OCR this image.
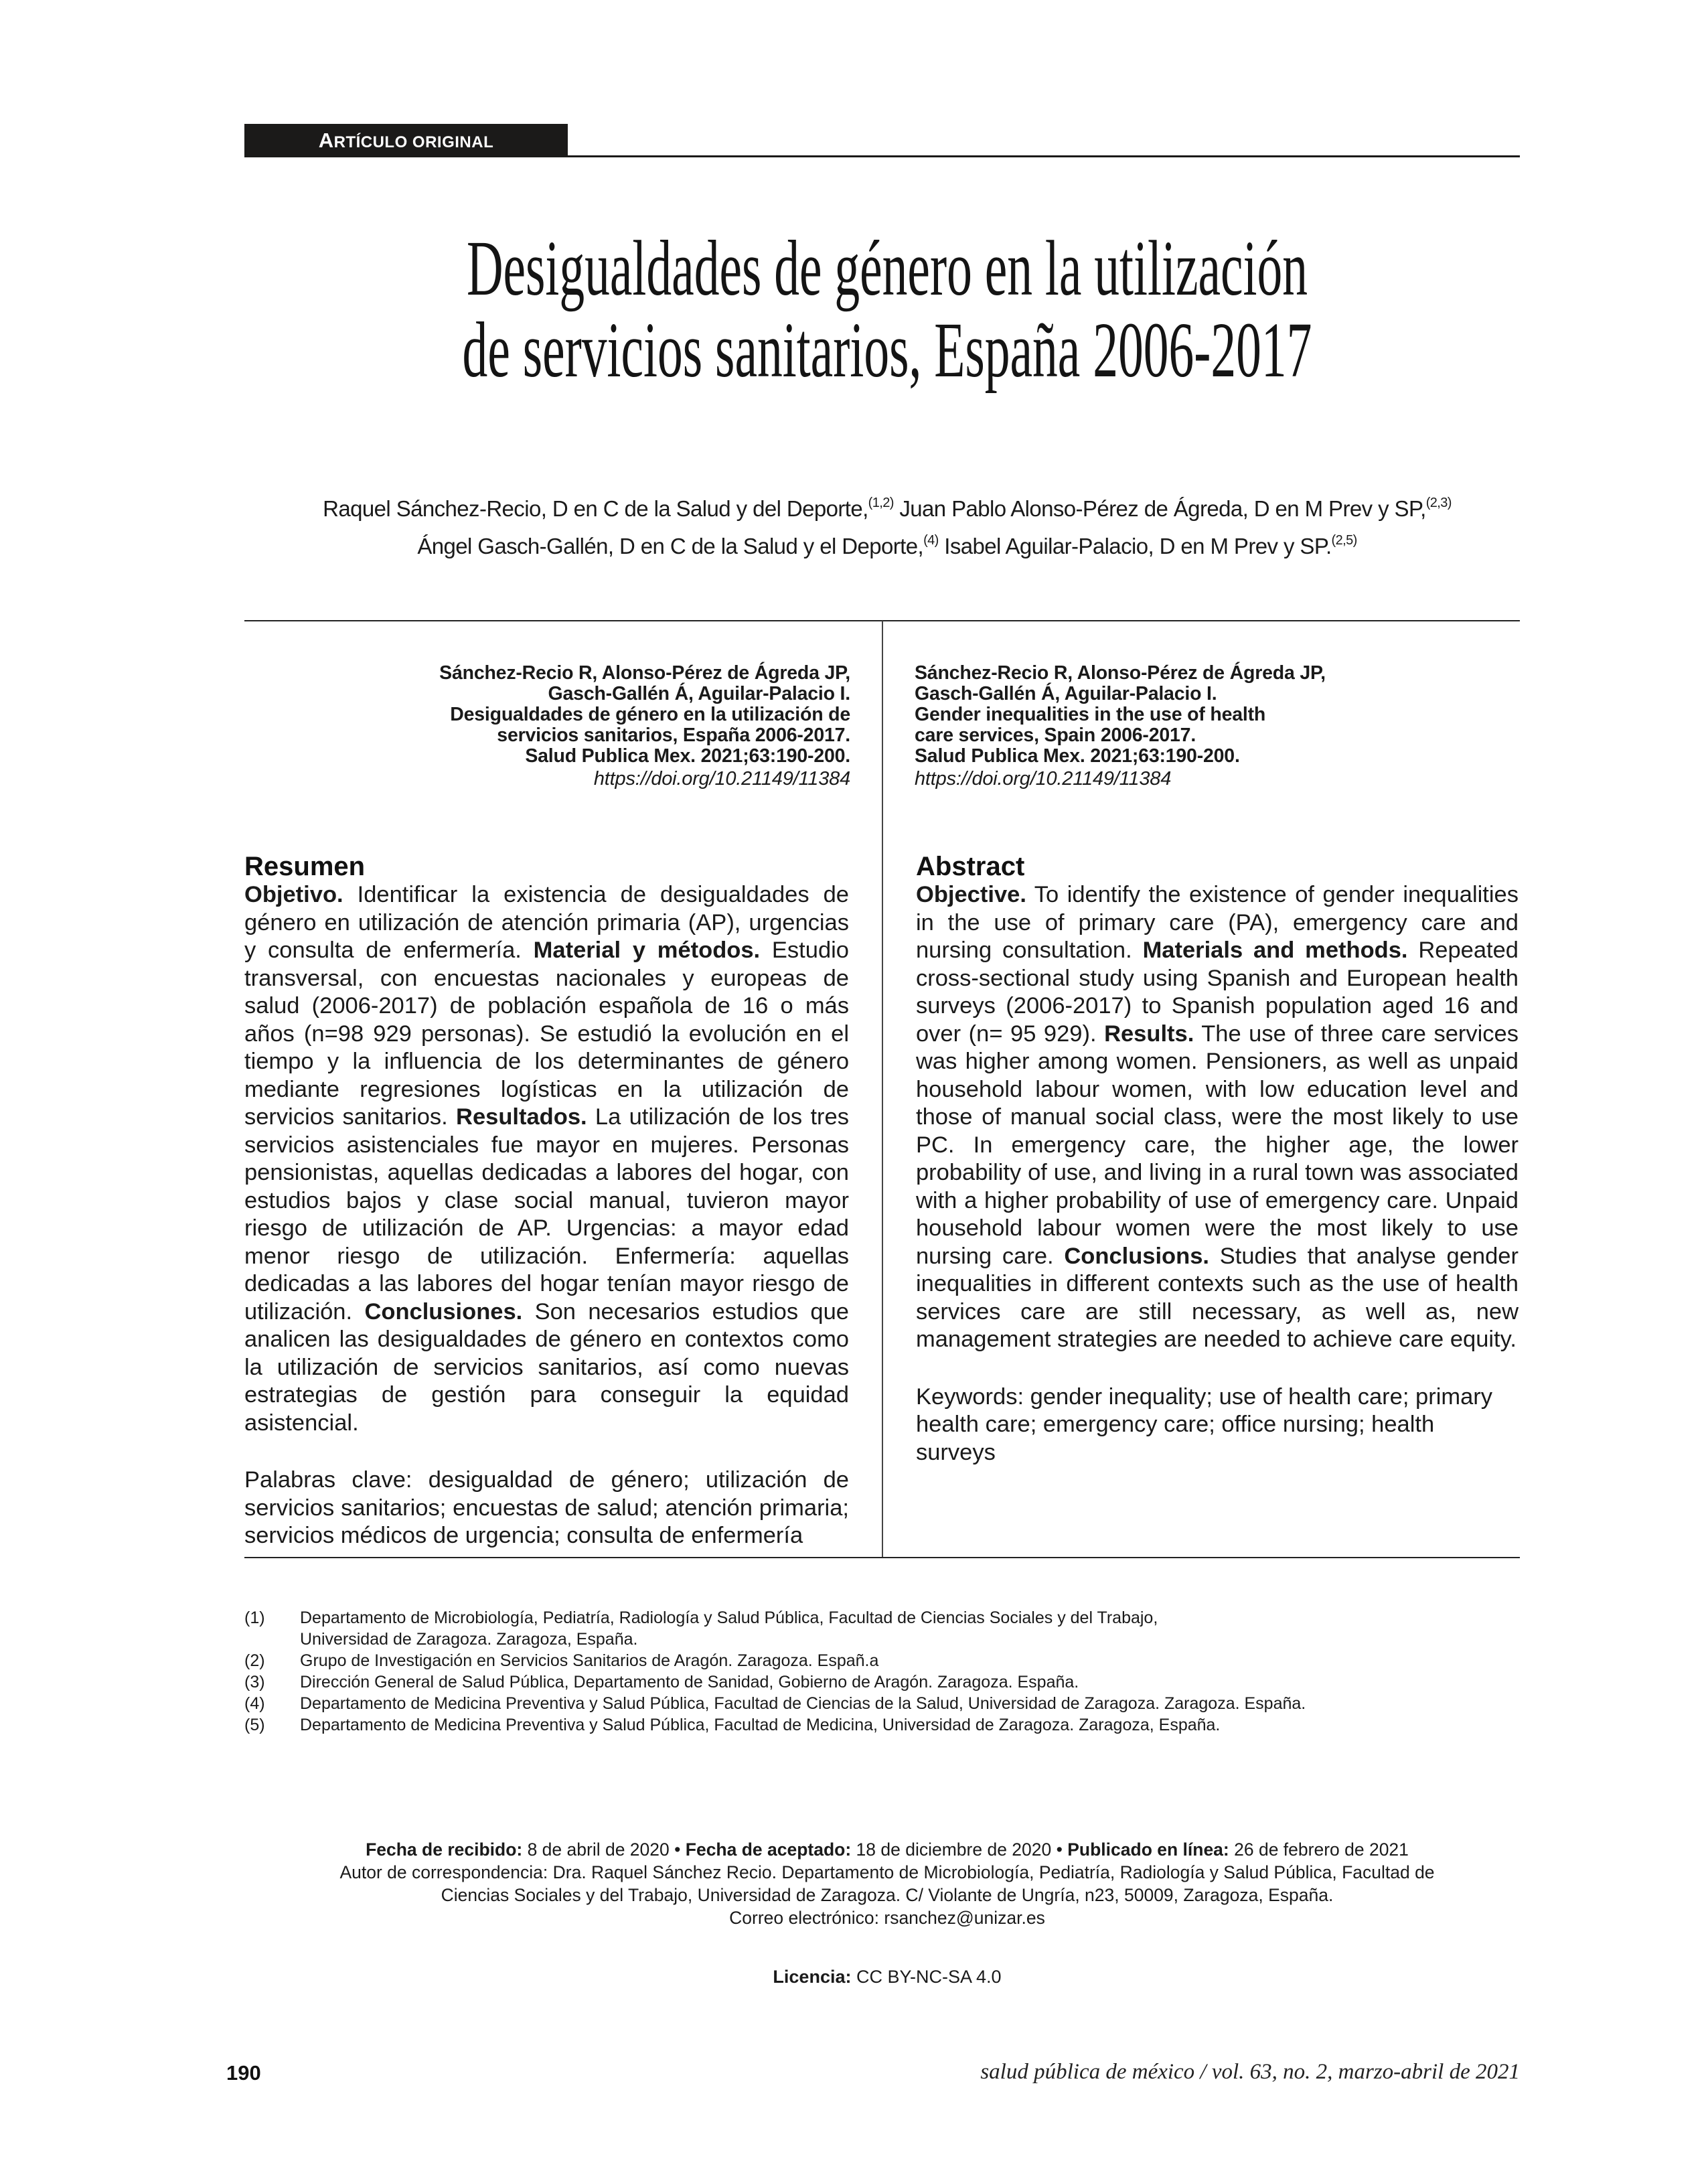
ARTÍCULO ORIGINAL
Desigualdades de género en la utilización
de servicios sanitarios, España 2006-2017
Raquel Sánchez-Recio, D en C de la Salud y del Deporte,$^{(1,2)}$ Juan Pablo Alonso-Pérez de Ágreda, D en M Prev y SP,$^{(2,3)}$
Ángel Gasch-Gallén, D en C de la Salud y el Deporte,$^{(4)}$ Isabel Aguilar-Palacio, D en M Prev y SP.$^{(2,5)}$
Sánchez-Recio R, Alonso-Pérez de Ágreda JP,
Gasch-Gallén Á, Aguilar-Palacio I.
Desigualdades de género en la utilización de
servicios sanitarios, España 2006-2017.
Salud Publica Mex. 2021;63:190-200.
https://doi.org/10.21149/11384
Sánchez-Recio R, Alonso-Pérez de Ágreda JP,
Gasch-Gallén Á, Aguilar-Palacio I.
Gender inequalities in the use of health
care services, Spain 2006-2017.
Salud Publica Mex. 2021;63:190-200.
https://doi.org/10.21149/11384
Resumen

Objetivo. Identificar la existencia de desigualdades de género en utilización de atención primaria (AP), urgencias y consulta de enfermería. Material y métodos. Estudio transversal, con encuestas nacionales y europeas de salud (2006-2017) de población española de 16 o más años (n=98 929 personas). Se estudió la evolución en el tiempo y la influencia de los determinantes de género mediante regresiones logísticas en la utilización de servicios sanitarios. Resultados. La utilización de los tres servicios asistenciales fue mayor en mujeres. Personas pensionistas, aquellas dedicadas a labores del hogar, con estudios bajos y clase social manual, tuvieron mayor riesgo de utilización de AP. Urgencias: a mayor edad menor riesgo de utilización. Enfermería: aquellas dedicadas a las labores del hogar tenían mayor riesgo de utilización. Conclusiones. Son necesarios estudios que analicen las desigualdades de género en contextos como la utilización de servicios sanitarios, así como nuevas estrategias de gestión para conseguir la equidad asistencial.

Palabras clave: desigualdad de género; utilización de servicios sanitarios; encuestas de salud; atención primaria; servicios médicos de urgencia; consulta de enfermería

Abstract

Objective. To identify the existence of gender inequalities in the use of primary care (PA), emergency care and nursing consultation. Materials and methods. Repeated cross-sectional study using Spanish and European health surveys (2006-2017) to Spanish population aged 16 and over (n= 95 929). Results. The use of three care services was higher among women. Pensioners, as well as unpaid household labour women, with low education level and those of manual social class, were the most likely to use PC. In emergency care, the higher age, the lower probability of use, and living in a rural town was associated with a higher probability of use of emergency care. Unpaid household labour women were the most likely to use nursing care. Conclusions. Studies that analyse gender inequalities in different contexts such as the use of health services care are still necessary, as well as, new management strategies are needed to achieve care equity.

Keywords: gender inequality; use of health care; primary health care; emergency care; office nursing; health surveys

(1)	Departamento de Microbiología, Pediatría, Radiología y Salud Pública, Facultad de Ciencias Sociales y del Trabajo,
Universidad de Zaragoza. Zaragoza, España.
(2)	Grupo de Investigación en Servicios Sanitarios de Aragón. Zaragoza. Españ.a
(3)	Dirección General de Salud Pública, Departamento de Sanidad, Gobierno de Aragón. Zaragoza. España.
(4)	Departamento de Medicina Preventiva y Salud Pública, Facultad de Ciencias de la Salud, Universidad de Zaragoza. Zaragoza. España.
(5)	Departamento de Medicina Preventiva y Salud Pública, Facultad de Medicina, Universidad de Zaragoza. Zaragoza, España.
Fecha de recibido: 8 de abril de 2020 • Fecha de aceptado: 18 de diciembre de 2020 • Publicado en línea: 26 de febrero de 2021
Autor de correspondencia: Dra. Raquel Sánchez Recio. Departamento de Microbiología, Pediatría, Radiología y Salud Pública, Facultad de
Ciencias Sociales y del Trabajo, Universidad de Zaragoza. C/ Violante de Ungría, n23, 50009, Zaragoza, España.
Correo electrónico: rsanchez@unizar.es
Licencia: CC BY-NC-SA 4.0
190	salud pública de méxico / vol. 63, no. 2, marzo-abril de 2021
